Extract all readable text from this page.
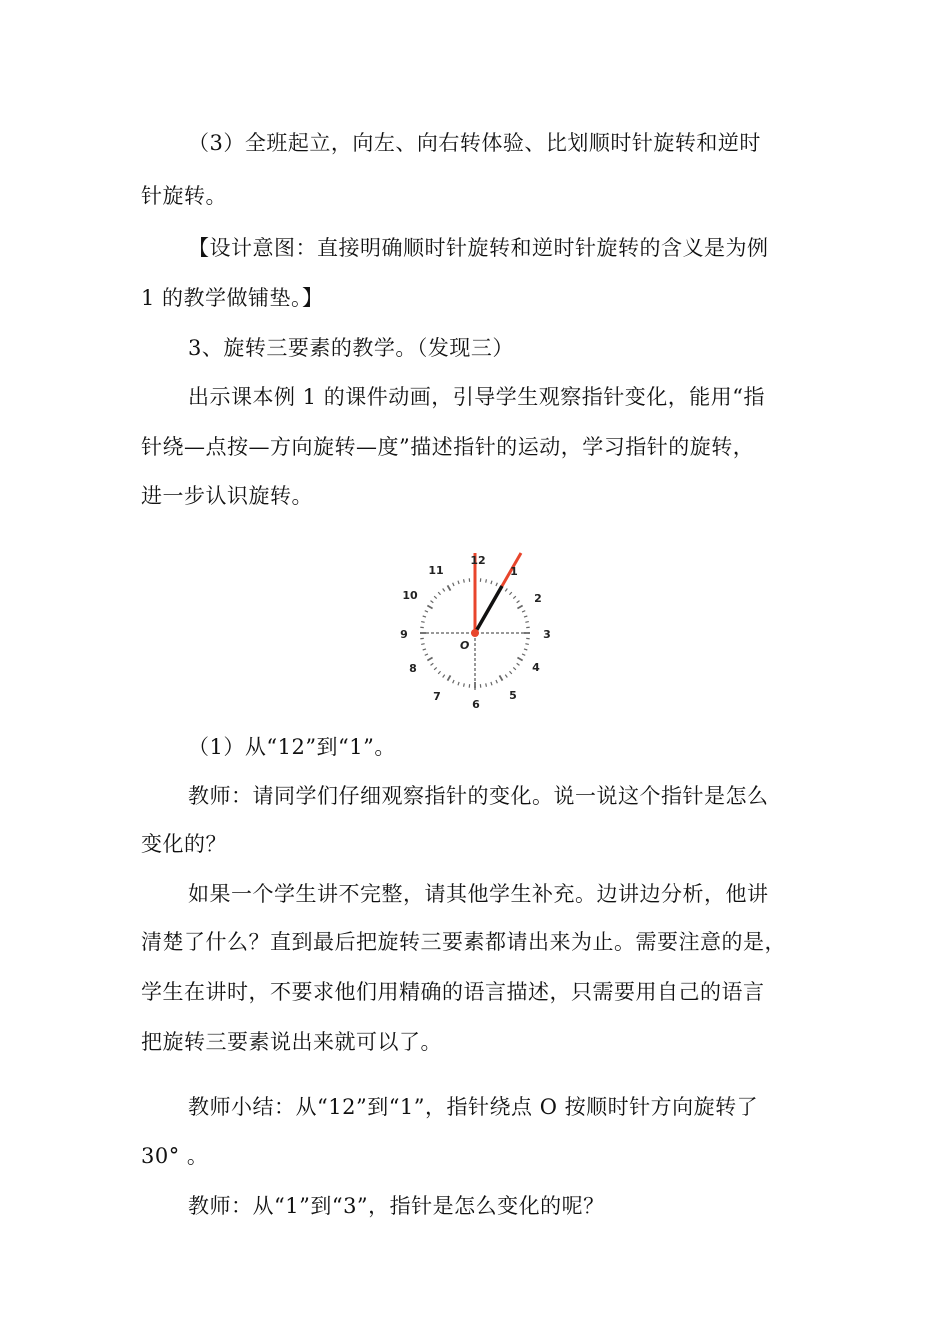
（3）全班起立，向左、向右转体验、比划顺时针旋转和逆时
针旋转。
【设计意图：直接明确顺时针旋转和逆时针旋转的含义是为例
1 的教学做铺垫。】
3、旋转三要素的教学。（发现三）
出示课本例 1 的课件动画，引导学生观察指针变化，能用“指
针绕—点按—方向旋转—度”描述指针的运动，学习指针的旋转，
进一步认识旋转。
12
1
2
3
4
5
6
7
8
9
10
11
O
（1）从“12”到“1”。
教师：请同学们仔细观察指针的变化。说一说这个指针是怎么
变化的？
如果一个学生讲不完整，请其他学生补充。边讲边分析，他讲
清楚了什么？直到最后把旋转三要素都请出来为止。需要注意的是，
学生在讲时，不要求他们用精确的语言描述，只需要用自己的语言
把旋转三要素说出来就可以了。
教师小结：从“12”到“1”，指针绕点 O 按顺时针方向旋转了
30° 。
教师：从“1”到“3”，指针是怎么变化的呢？
